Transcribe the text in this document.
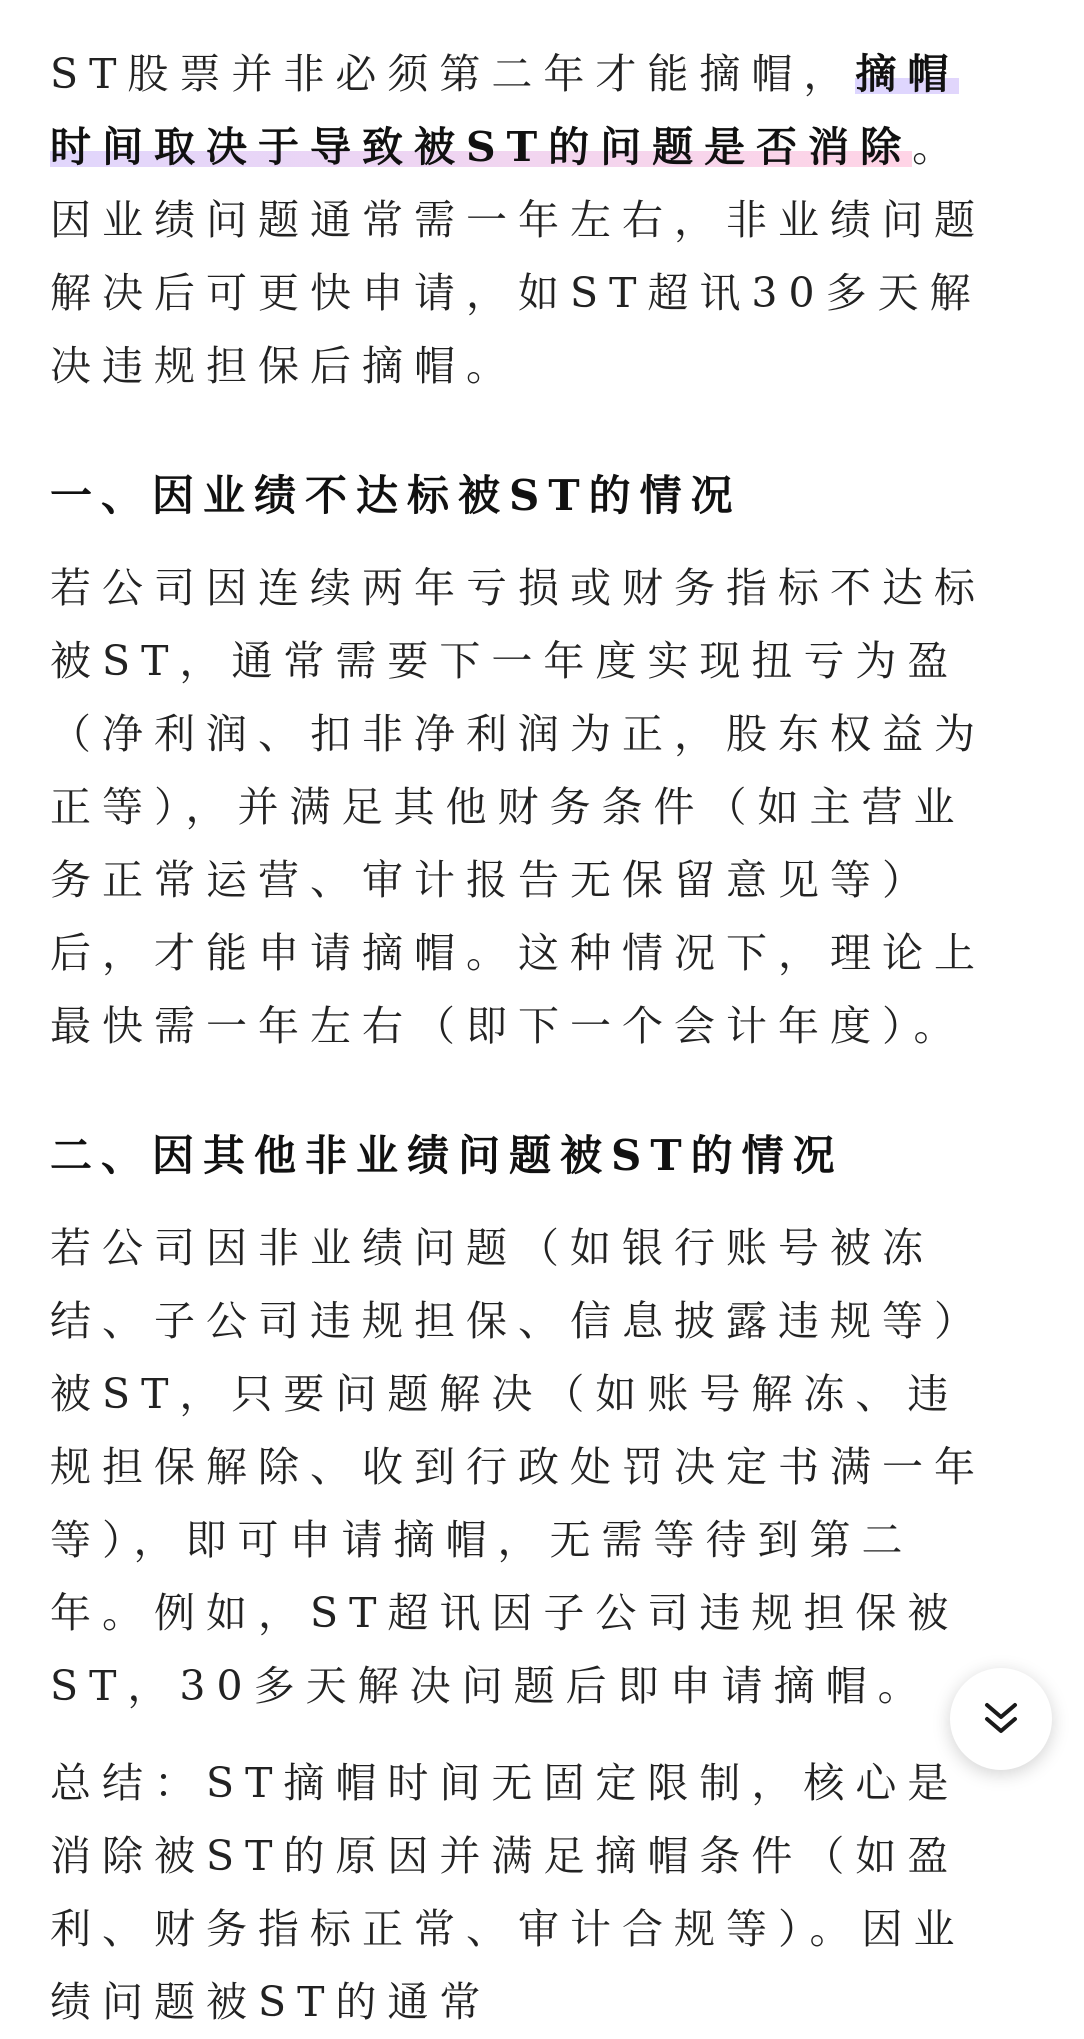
ST股票并非必须第二年才能摘帽，摘帽时间取决于导致被ST的问题是否消除。因业绩问题通常需一年左右，非业绩问题解决后可更快申请，如ST超讯30多天解决违规担保后摘帽。

一、因业绩不达标被ST的情况

若公司因连续两年亏损或财务指标不达标被ST，通常需要下一年度实现扭亏为盈（净利润、扣非净利润为正，股东权益为正等），并满足其他财务条件（如主营业务正常运营、审计报告无保留意见等）后，才能申请摘帽。这种情况下，理论上最快需一年左右（即下一个会计年度）。

二、因其他非业绩问题被ST的情况

若公司因非业绩问题（如银行账号被冻结、子公司违规担保、信息披露违规等）被ST，只要问题解决（如账号解冻、违规担保解除、收到行政处罚决定书满一年等），即可申请摘帽，无需等待到第二年。例如，ST超讯因子公司违规担保被ST，30多天解决问题后即申请摘帽。

总结：ST摘帽时间无固定限制，核心是消除被ST的原因并满足摘帽条件（如盈利、财务指标正常、审计合规等）。因业绩问题被ST的通常
